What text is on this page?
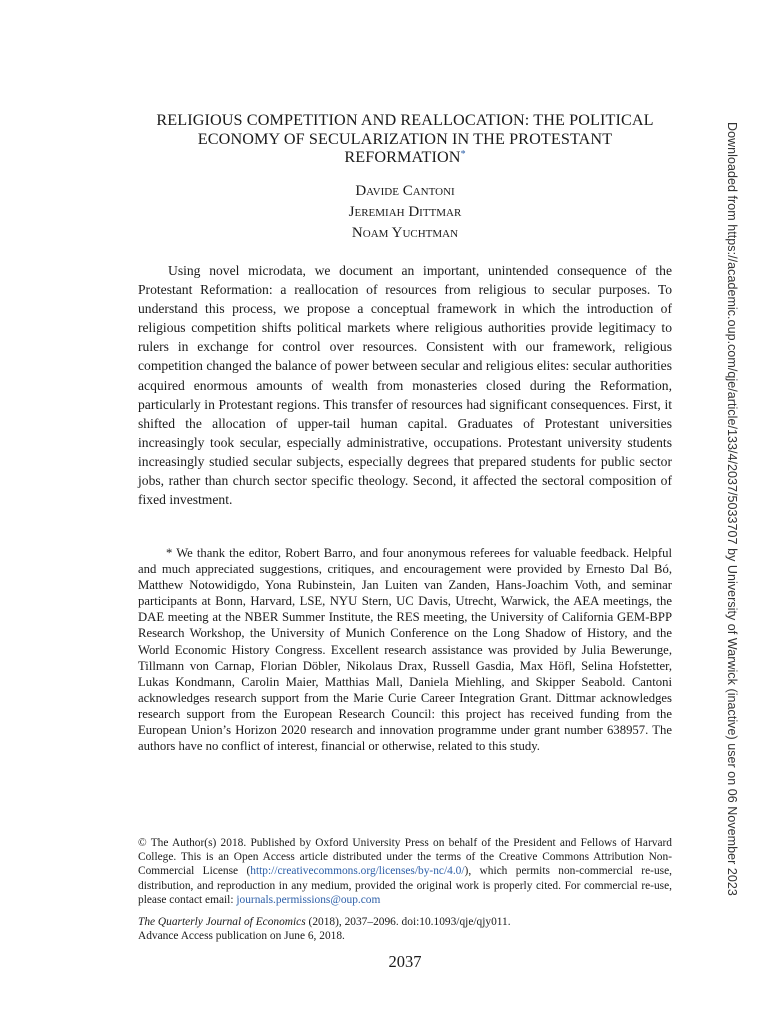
RELIGIOUS COMPETITION AND REALLOCATION: THE POLITICAL ECONOMY OF SECULARIZATION IN THE PROTESTANT REFORMATION*
Davide Cantoni
Jeremiah Dittmar
Noam Yuchtman

Using novel microdata, we document an important, unintended consequence of the Protestant Reformation: a reallocation of resources from religious to secular purposes. To understand this process, we propose a conceptual framework in which the introduction of religious competition shifts political markets where religious authorities provide legitimacy to rulers in exchange for control over resources. Consistent with our framework, religious competition changed the balance of power between secular and religious elites: secular authorities acquired enormous amounts of wealth from monasteries closed during the Reformation, particularly in Protestant regions. This transfer of resources had significant consequences. First, it shifted the allocation of upper-tail human capital. Graduates of Protestant universities increasingly took secular, especially administrative, occupations. Protestant university students increasingly studied secular subjects, especially degrees that prepared students for public sector jobs, rather than church sector specific theology. Second, it affected the sectoral composition of fixed investment.

* We thank the editor, Robert Barro, and four anonymous referees for valuable feedback. Helpful and much appreciated suggestions, critiques, and encouragement were provided by Ernesto Dal Bó, Matthew Notowidigdo, Yona Rubinstein, Jan Luiten van Zanden, Hans-Joachim Voth, and seminar participants at Bonn, Harvard, LSE, NYU Stern, UC Davis, Utrecht, Warwick, the AEA meetings, the DAE meeting at the NBER Summer Institute, the RES meeting, the University of California GEM-BPP Research Workshop, the University of Munich Conference on the Long Shadow of History, and the World Economic History Congress. Excellent research assistance was provided by Julia Bewerunge, Tillmann von Carnap, Florian Döbler, Nikolaus Drax, Russell Gasdia, Max Höfl, Selina Hofstetter, Lukas Kondmann, Carolin Maier, Matthias Mall, Daniela Miehling, and Skipper Seabold. Cantoni acknowledges research support from the Marie Curie Career Integration Grant. Dittmar acknowledges research support from the European Research Council: this project has received funding from the European Union’s Horizon 2020 research and innovation programme under grant number 638957. The authors have no conflict of interest, financial or otherwise, related to this study.

© The Author(s) 2018. Published by Oxford University Press on behalf of the President and Fellows of Harvard College. This is an Open Access article distributed under the terms of the Creative Commons Attribution Non-Commercial License (http://creativecommons.org/licenses/by-nc/4.0/), which permits non-commercial re-use, distribution, and reproduction in any medium, provided the original work is properly cited. For commercial re-use, please contact email: journals.permissions@oup.com

The Quarterly Journal of Economics (2018), 2037–2096. doi:10.1093/qje/qjy011.
Advance Access publication on June 6, 2018.
2037
Downloaded from https://academic.oup.com/qje/article/133/4/2037/5033707 by University of Warwick (inactive) user on 06 November 2023
